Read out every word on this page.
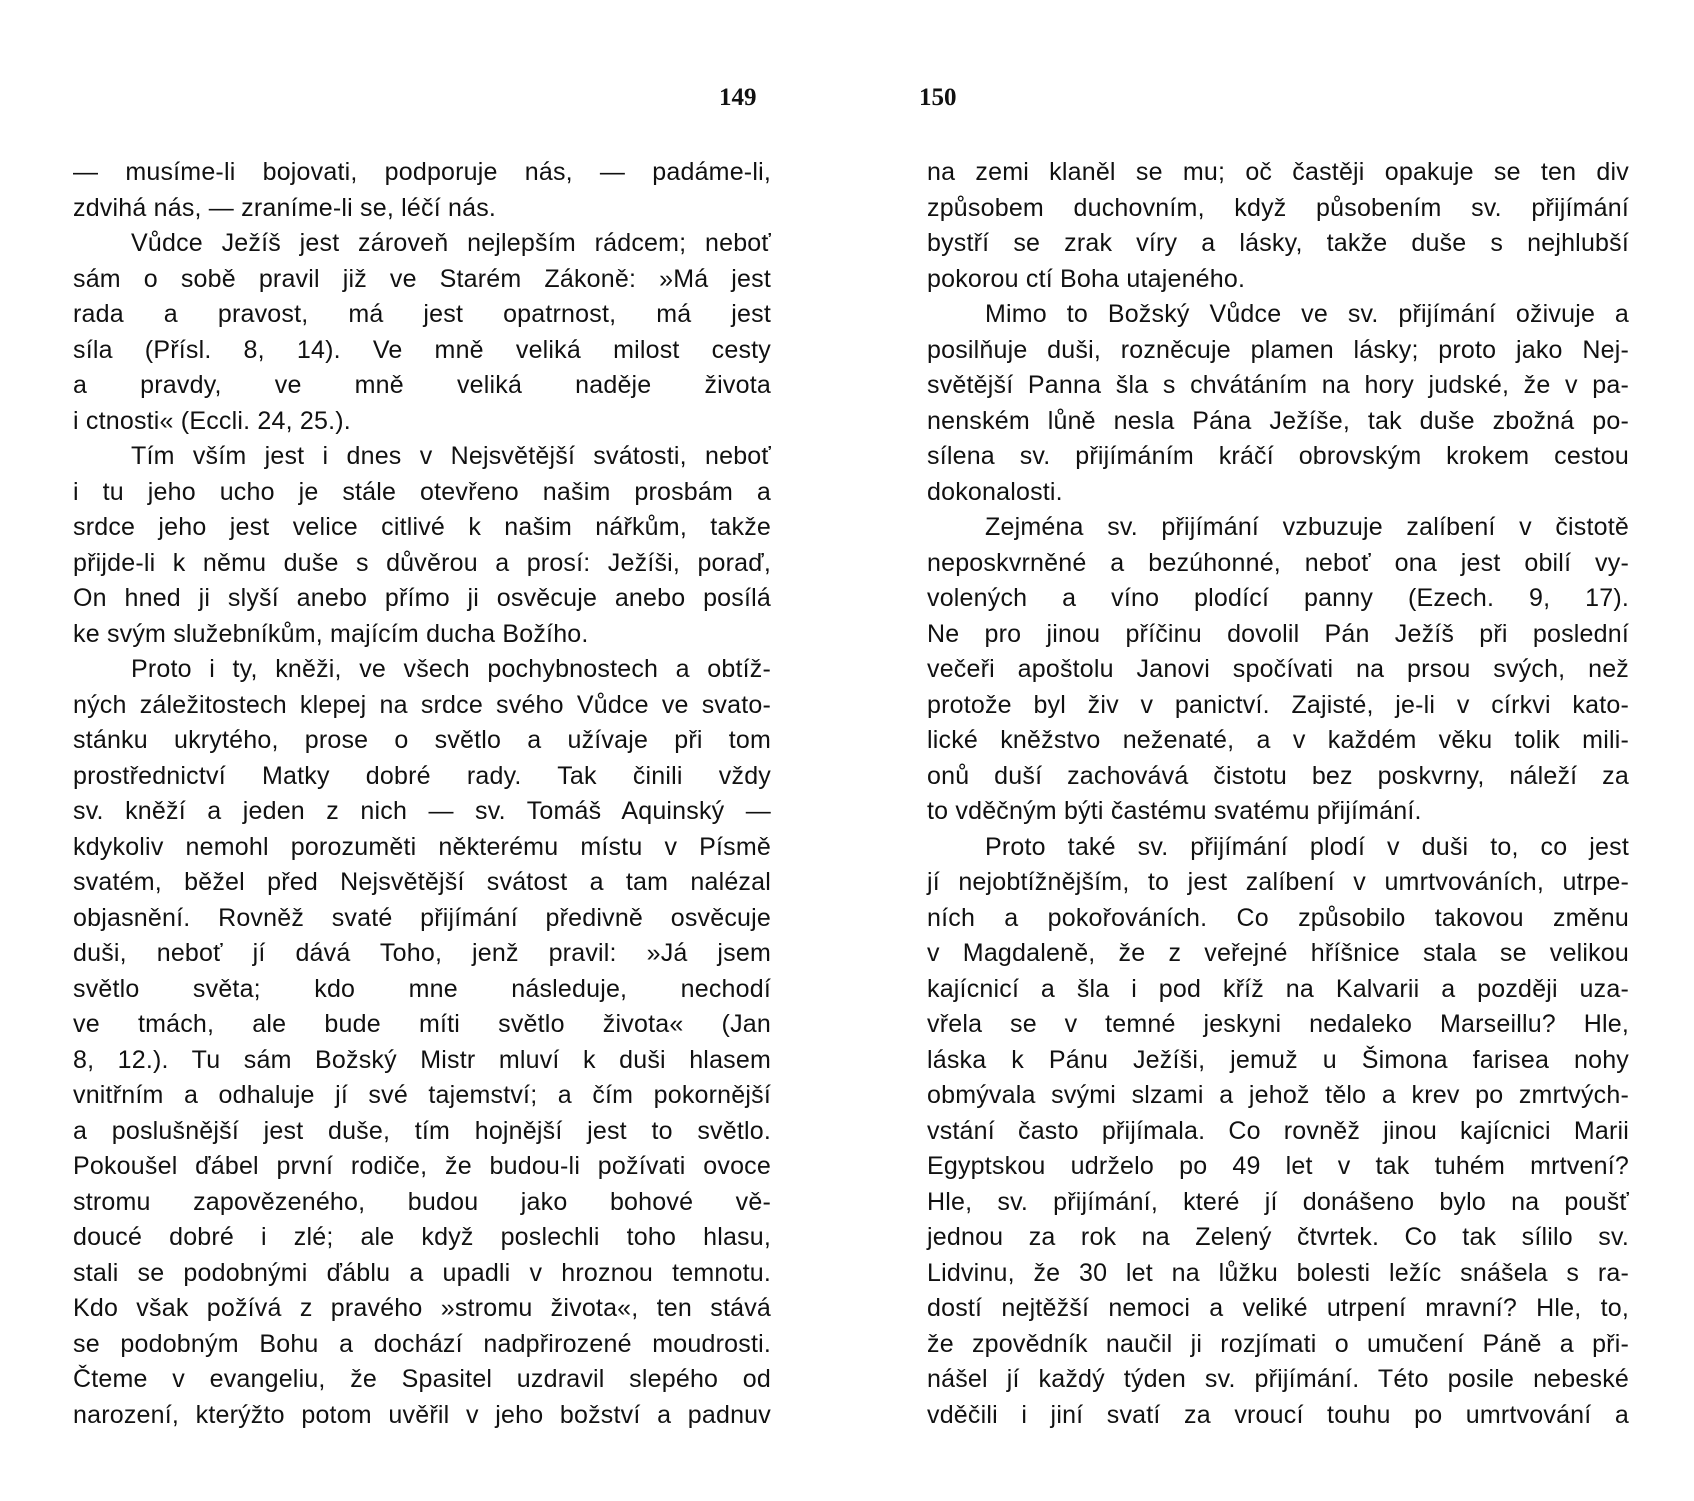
149
— musíme-li bojovati, podporuje nás, — padáme-li,
zdvihá nás, — zraníme-li se, léčí nás.
Vůdce Ježíš jest zároveň nejlepším rádcem; neboť
sám o sobě pravil již ve Starém Zákoně: »Má jest
rada a pravost, má jest opatrnost, má jest
síla (Přísl. 8, 14). Ve mně veliká milost cesty
a pravdy, ve mně veliká naděje života
i ctnosti« (Eccli. 24, 25.).
Tím vším jest i dnes v Nejsvětější svátosti, neboť
i tu jeho ucho je stále otevřeno našim prosbám a
srdce jeho jest velice citlivé k našim nářkům, takže
přijde-li k němu duše s důvěrou a prosí: Ježíši, poraď,
On hned ji slyší anebo přímo ji osvěcuje anebo posílá
ke svým služebníkům, majícím ducha Božího.
Proto i ty, kněži, ve všech pochybnostech a obtíž-
ných záležitostech klepej na srdce svého Vůdce ve svato-
stánku ukrytého, prose o světlo a užívaje při tom
prostřednictví Matky dobré rady. Tak činili vždy
sv. kněží a jeden z nich — sv. Tomáš Aquinský —
kdykoliv nemohl porozuměti některému místu v Písmě
svatém, běžel před Nejsvětější svátost a tam nalézal
objasnění. Rovněž svaté přijímání předivně osvěcuje
duši, neboť jí dává Toho, jenž pravil: »Já jsem
světlo světa; kdo mne následuje, nechodí
ve tmách, ale bude míti světlo života« (Jan
8, 12.). Tu sám Božský Mistr mluví k duši hlasem
vnitřním a odhaluje jí své tajemství; a čím pokornější
a poslušnější jest duše, tím hojnější jest to světlo.
Pokoušel ďábel první rodiče, že budou-li požívati ovoce
stromu zapovězeného, budou jako bohové vě-
doucé dobré i zlé; ale když poslechli toho hlasu,
stali se podobnými ďáblu a upadli v hroznou temnotu.
Kdo však požívá z pravého »stromu života«, ten stává
se podobným Bohu a dochází nadpřirozené moudrosti.
Čteme v evangeliu, že Spasitel uzdravil slepého od
narození, kterýžto potom uvěřil v jeho božství a padnuv
150
na zemi klaněl se mu; oč častěji opakuje se ten div
způsobem duchovním, když působením sv. přijímání
bystří se zrak víry a lásky, takže duše s nejhlubší
pokorou ctí Boha utajeného.
Mimo to Božský Vůdce ve sv. přijímání oživuje a
posilňuje duši, rozněcuje plamen lásky; proto jako Nej-
světější Panna šla s chvátáním na hory judské, že v pa-
nenském lůně nesla Pána Ježíše, tak duše zbožná po-
sílena sv. přijímáním kráčí obrovským krokem cestou
dokonalosti.
Zejména sv. přijímání vzbuzuje zalíbení v čistotě
neposkvrněné a bezúhonné, neboť ona jest obilí vy-
volených a víno plodící panny (Ezech. 9, 17).
Ne pro jinou příčinu dovolil Pán Ježíš při poslední
večeři apoštolu Janovi spočívati na prsou svých, než
protože byl živ v panictví. Zajisté, je-li v církvi kato-
lické kněžstvo neženaté, a v každém věku tolik mili-
onů duší zachovává čistotu bez poskvrny, náleží za
to vděčným býti častému svatému přijímání.
Proto také sv. přijímání plodí v duši to, co jest
jí nejobtížnějším, to jest zalíbení v umrtvováních, utrpe-
ních a pokořováních. Co způsobilo takovou změnu
v Magdaleně, že z veřejné hříšnice stala se velikou
kajícnicí a šla i pod kříž na Kalvarii a později uza-
vřela se v temné jeskyni nedaleko Marseillu? Hle,
láska k Pánu Ježíši, jemuž u Šimona farisea nohy
obmývala svými slzami a jehož tělo a krev po zmrtvých-
vstání často přijímala. Co rovněž jinou kajícnici Marii
Egyptskou udrželo po 49 let v tak tuhém mrtvení?
Hle, sv. přijímání, které jí donášeno bylo na poušť
jednou za rok na Zelený čtvrtek. Co tak sílilo sv.
Lidvinu, že 30 let na lůžku bolesti ležíc snášela s ra-
dostí nejtěžší nemoci a veliké utrpení mravní? Hle, to,
že zpovědník naučil ji rozjímati o umučení Páně a při-
nášel jí každý týden sv. přijímání. Této posile nebeské
vděčili i jiní svatí za vroucí touhu po umrtvování a
